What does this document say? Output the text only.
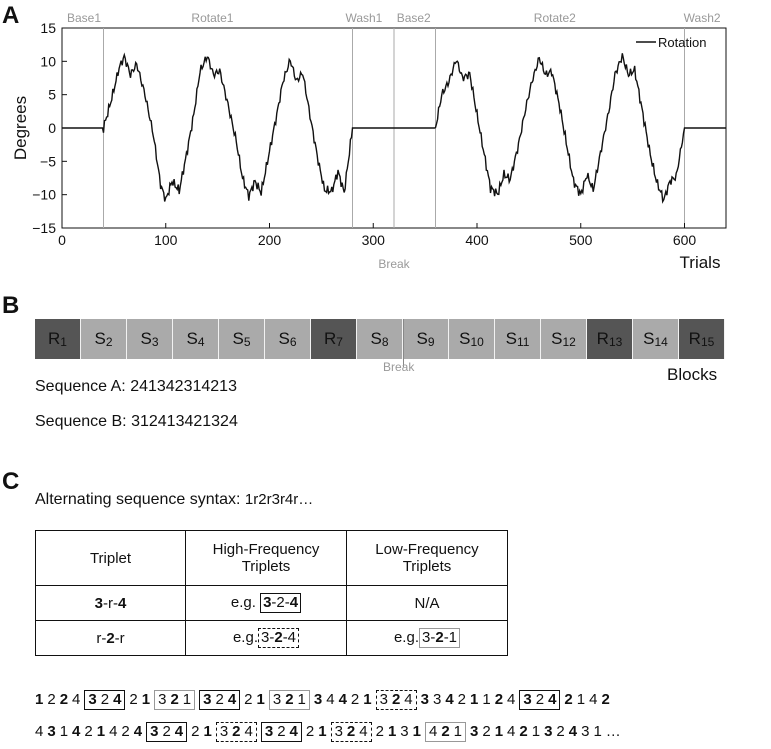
A	Base1	Rotate1	Wash1 Base2	Rotate2	Wash2
Break
0	100	200	300	400	500	600
15
10
5
0
−5
−10
−15
Trials
Degrees
Rotation
B
$R_1$ $S_2$ $S_3$ $S_4$ $S_5$ $S_6$ $R_7$ $S_8$ $S_9$ $S_{10}$ $S_{11}$ $S_{12}$ $R_{13}$ $S_{14}$ $R_{15}$
Break	Blocks
Sequence A: 241342314213
Sequence B: 312413421324
C
Alternating sequence syntax: 1r2r3r4r…
Triplet	High-Frequency Triplets	Low-Frequency Triplets
3-r-4	e.g. 3-2-4	N/A
r-2-r	e.g. 3-2-4	e.g. 3-2-1
1 2 2 4 3 2 4 2 1 3 2 1 3 2 4 2 1 3 2 1 3 4 4 2 1 3 2 4 3 3 4 2 1 1 2 4 3 2 4 2 1 4 2
4 3 1 4 2 1 4 2 4 3 2 4 2 1 3 2 4 3 2 4 2 1 3 2 4 2 1 3 1 4 2 1 3 2 1 4 2 1 3 2 4 3 1 …
